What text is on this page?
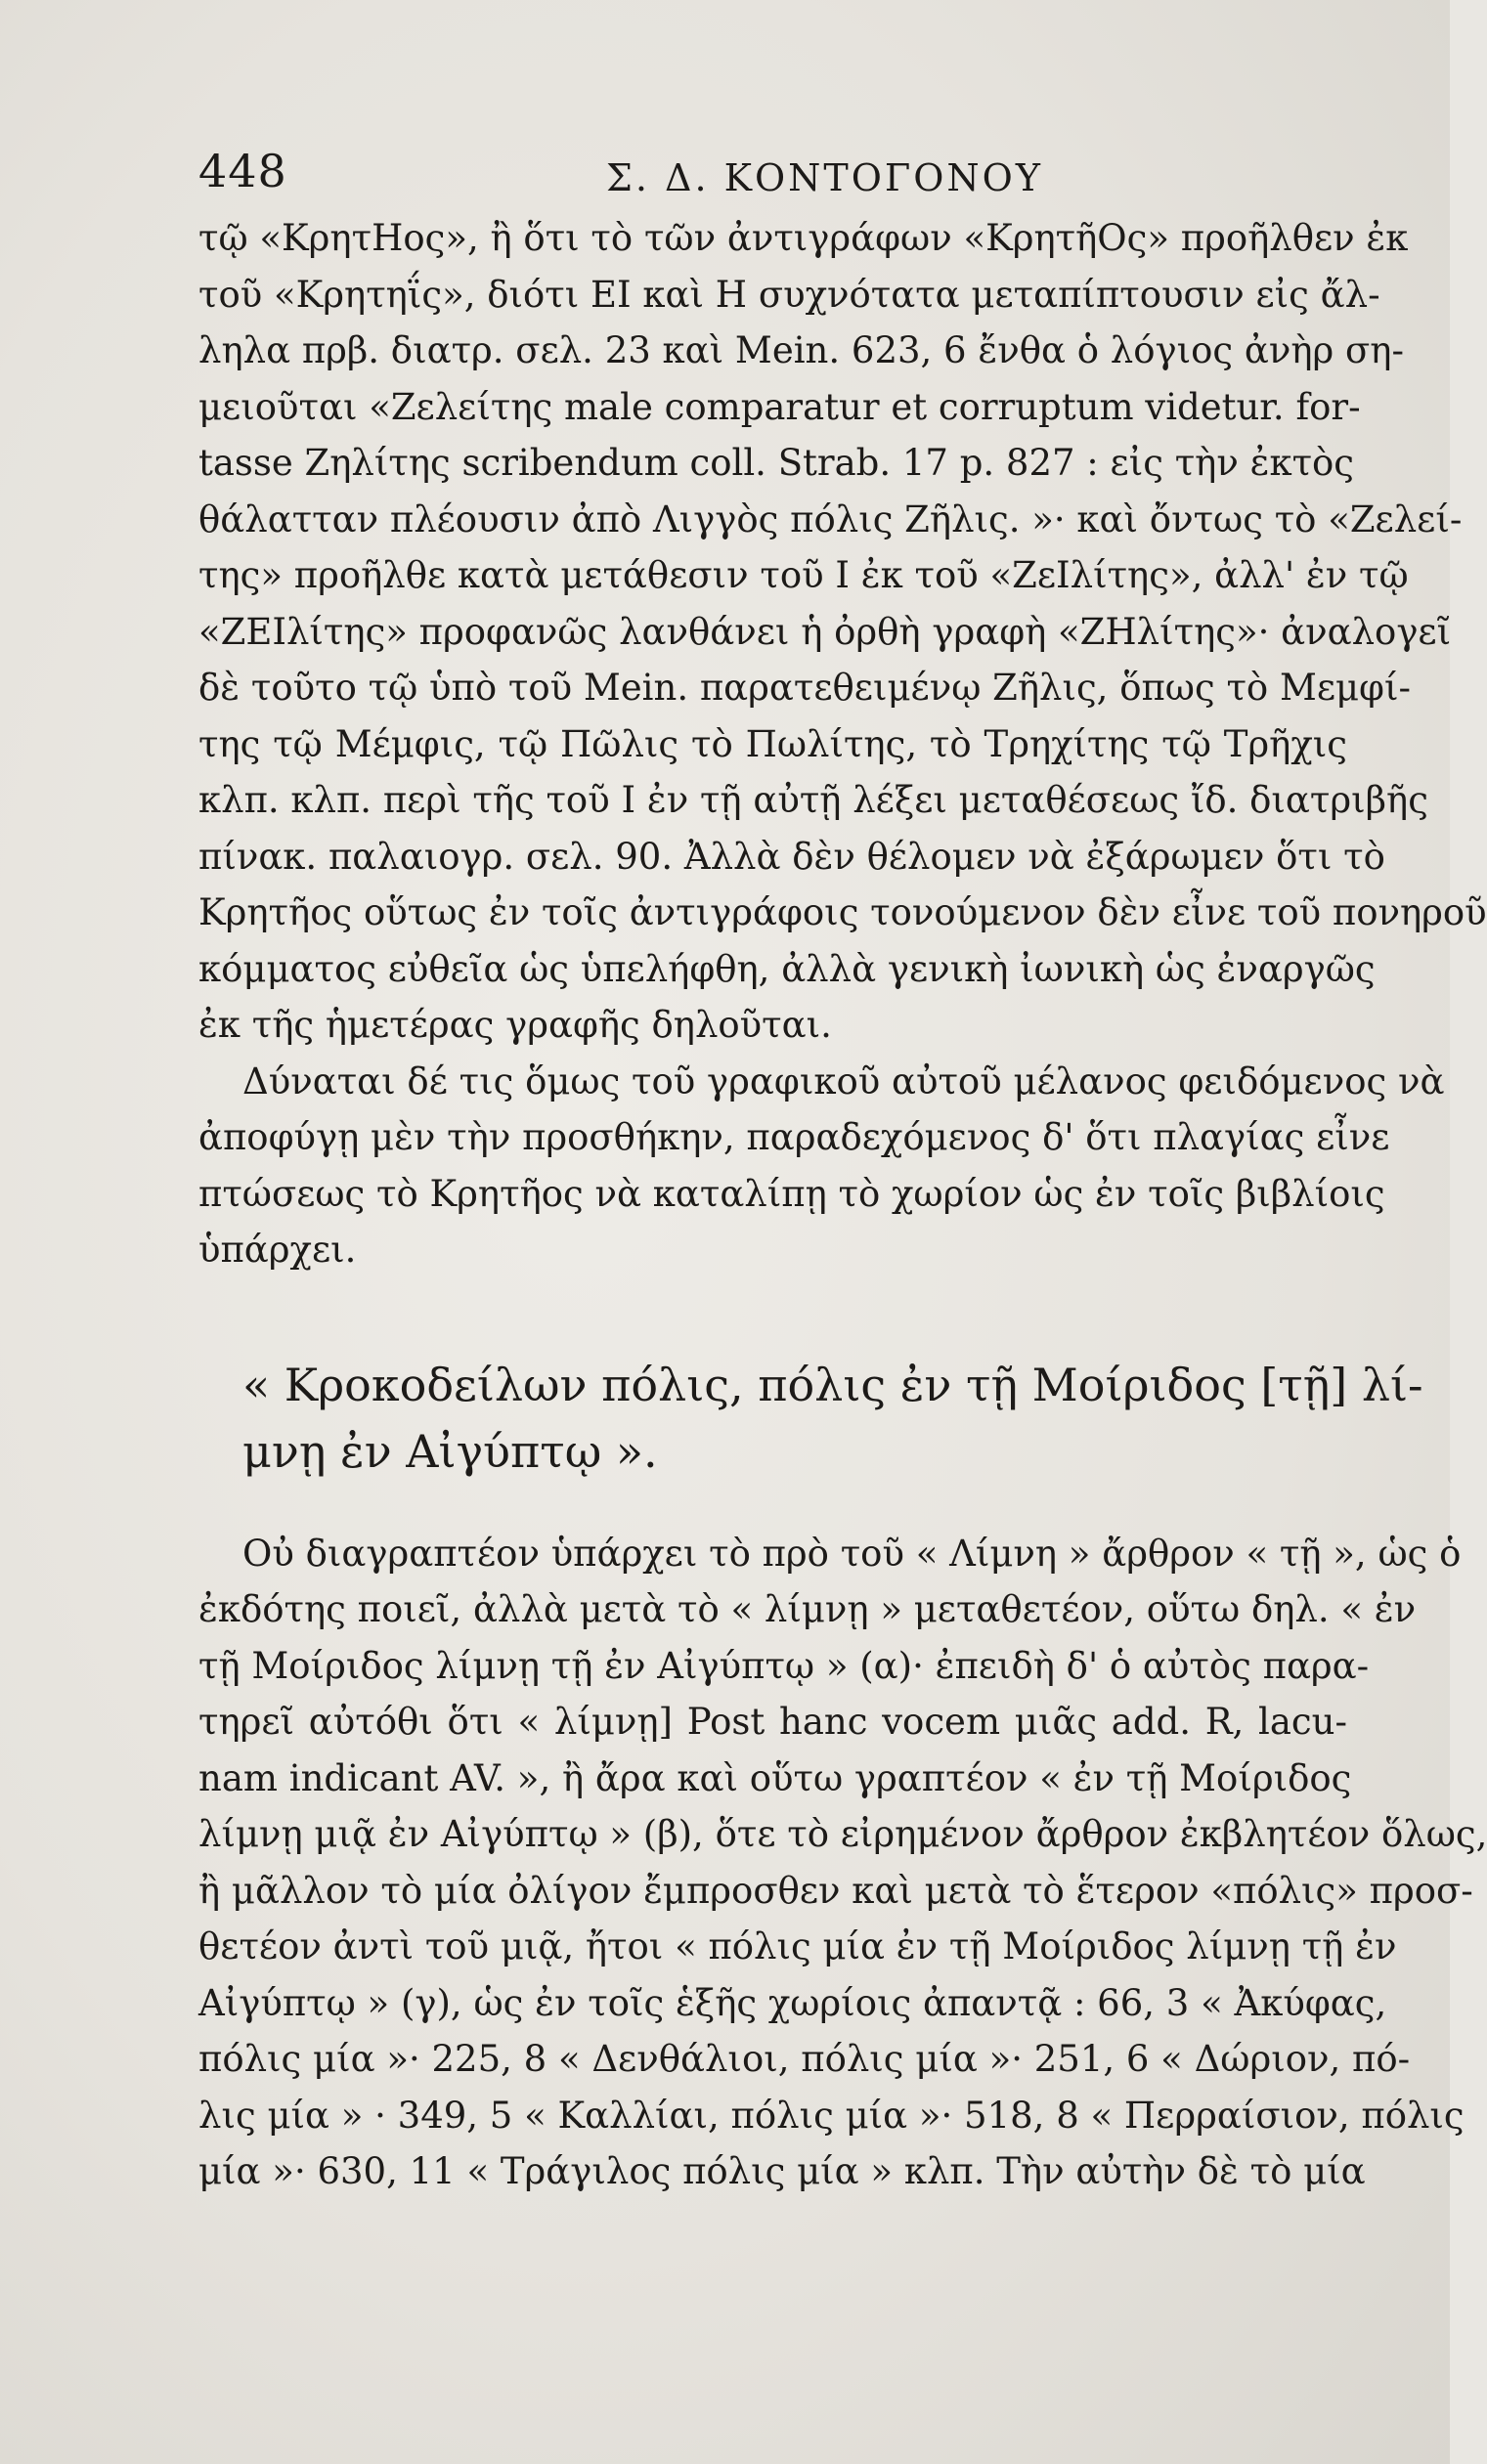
448	Σ. Δ. ΚΟΝΤΟΓΟΝΟΥ
τῷ «ΚρητΗος», ἢ ὅτι τὸ τῶν ἀντιγράφων «ΚρητῆΟς» προῆλθεν ἐκ
τοῦ «Κρητηΐς», διότι ΕΙ καὶ Η συχνότατα μεταπίπτουσιν εἰς ἄλ-
ληλα πρβ. διατρ. σελ. 23 καὶ Mein. 623, 6 ἔνθα ὁ λόγιος ἀνὴρ ση-
μειοῦται «Ζελείτης male comparatur et corruptum videtur. for-
tasse Ζηλίτης scribendum coll. Strab. 17 p. 827 : εἰς τὴν ἐκτὸς
θάλατταν πλέουσιν ἀπὸ Λιγγὸς πόλις Ζῆλις. »· καὶ ὄντως τὸ «Ζελεί-
της» προῆλθε κατὰ μετάθεσιν τοῦ Ι ἐκ τοῦ «ΖεΙλίτης», ἀλλ' ἐν τῷ
«ΖΕΙλίτης» προφανῶς λανθάνει ἡ ὀρθὴ γραφὴ «ΖΗλίτης»· ἀναλογεῖ
δὲ τοῦτο τῷ ὑπὸ τοῦ Mein. παρατεθειμένῳ Ζῆλις, ὅπως τὸ Μεμφί-
της τῷ Μέμφις, τῷ Πῶλις τὸ Πωλίτης, τὸ Τρηχίτης τῷ Τρῆχις
κλπ. κλπ. περὶ τῆς τοῦ Ι ἐν τῇ αὐτῇ λέξει μεταθέσεως ἴδ. διατριβῆς
πίνακ. παλαιογρ. σελ. 90. Ἀλλὰ δὲν θέλομεν νὰ ἐξάρωμεν ὅτι τὸ
Κρητῆος οὕτως ἐν τοῖς ἀντιγράφοις τονούμενον δὲν εἶνε τοῦ πονηροῦ
κόμματος εὐθεῖα ὡς ὑπελήφθη, ἀλλὰ γενικὴ ἰωνικὴ ὡς ἐναργῶς
ἐκ τῆς ἡμετέρας γραφῆς δηλοῦται.
Δύναται δέ τις ὅμως τοῦ γραφικοῦ αὐτοῦ μέλανος φειδόμενος νὰ
ἀποφύγῃ μὲν τὴν προσθήκην, παραδεχόμενος δ' ὅτι πλαγίας εἶνε
πτώσεως τὸ Κρητῆος νὰ καταλίπῃ τὸ χωρίον ὡς ἐν τοῖς βιβλίοις
ὑπάρχει.
« Κροκοδείλων πόλις, πόλις ἐν τῇ Μοίριδος [τῇ] λί-
μνῃ ἐν Αἰγύπτῳ ».
Οὐ διαγραπτέον ὑπάρχει τὸ πρὸ τοῦ « Λίμνη » ἄρθρον « τῇ », ὡς ὁ
ἐκδότης ποιεῖ, ἀλλὰ μετὰ τὸ « λίμνῃ » μεταθετέον, οὕτω δηλ. « ἐν
τῇ Μοίριδος λίμνῃ τῇ ἐν Αἰγύπτῳ » (α)· ἐπειδὴ δ' ὁ αὐτὸς παρα-
τηρεῖ αὐτόθι ὅτι « λίμνῃ] Post hanc vocem μιᾶς add. R, lacu-
nam indicant AV. », ἢ ἄρα καὶ οὕτω γραπτέον « ἐν τῇ Μοίριδος
λίμνῃ μιᾷ ἐν Αἰγύπτῳ » (β), ὅτε τὸ εἰρημένον ἄρθρον ἐκβλητέον ὅλως,
ἢ μᾶλλον τὸ μία ὀλίγον ἔμπροσθεν καὶ μετὰ τὸ ἕτερον «πόλις» προσ-
θετέον ἀντὶ τοῦ μιᾷ, ἤτοι « πόλις μία ἐν τῇ Μοίριδος λίμνῃ τῇ ἐν
Αἰγύπτῳ » (γ), ὡς ἐν τοῖς ἑξῆς χωρίοις ἀπαντᾷ : 66, 3 « Ἀκύφας,
πόλις μία »· 225, 8 « Δενθάλιοι, πόλις μία »· 251, 6 « Δώριον, πό-
λις μία » · 349, 5 « Καλλίαι, πόλις μία »· 518, 8 « Περραίσιον, πόλις
μία »· 630, 11 « Τράγιλος πόλις μία » κλπ. Τὴν αὐτὴν δὲ τὸ μία
